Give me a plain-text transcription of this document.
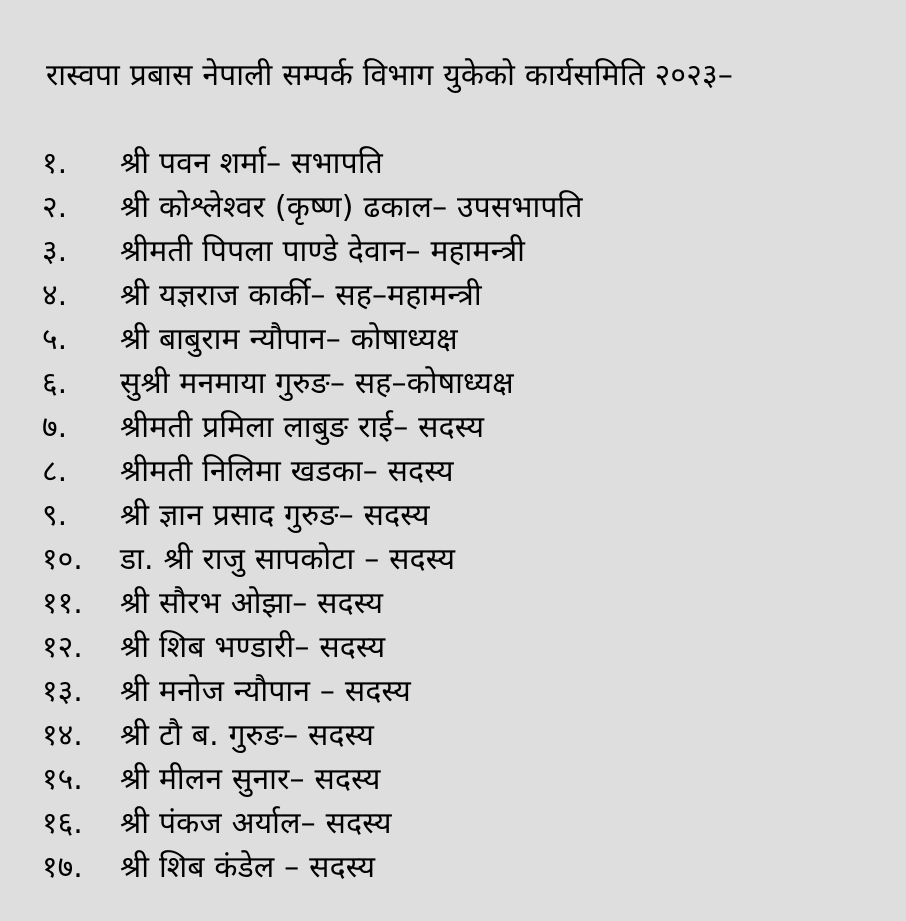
रास्वपा प्रबास नेपाली सम्पर्क विभाग युकेको कार्यसमिति २०२३–
१. श्री पवन शर्मा– सभापति
२. श्री कोश्लेश्वर (कृष्ण) ढकाल– उपसभापति
३. श्रीमती पिपला पाण्डे देवान– महामन्त्री
४. श्री यज्ञराज कार्की– सह–महामन्त्री
५. श्री बाबुराम न्यौपान– कोषाध्यक्ष
६. सुश्री मनमाया गुरुङ– सह–कोषाध्यक्ष
७. श्रीमती प्रमिला लाबुङ राई– सदस्य
८. श्रीमती निलिमा खडका– सदस्य
९. श्री ज्ञान प्रसाद गुरुङ– सदस्य
१०. डा. श्री राजु सापकोटा – सदस्य
११. श्री सौरभ ओझा– सदस्य
१२. श्री शिब भण्डारी– सदस्य
१३. श्री मनोज न्यौपान – सदस्य
१४. श्री टौ ब. गुरुङ– सदस्य
१५. श्री मीलन सुनार– सदस्य
१६. श्री पंकज अर्याल– सदस्य
१७. श्री शिब कंडेल – सदस्य
